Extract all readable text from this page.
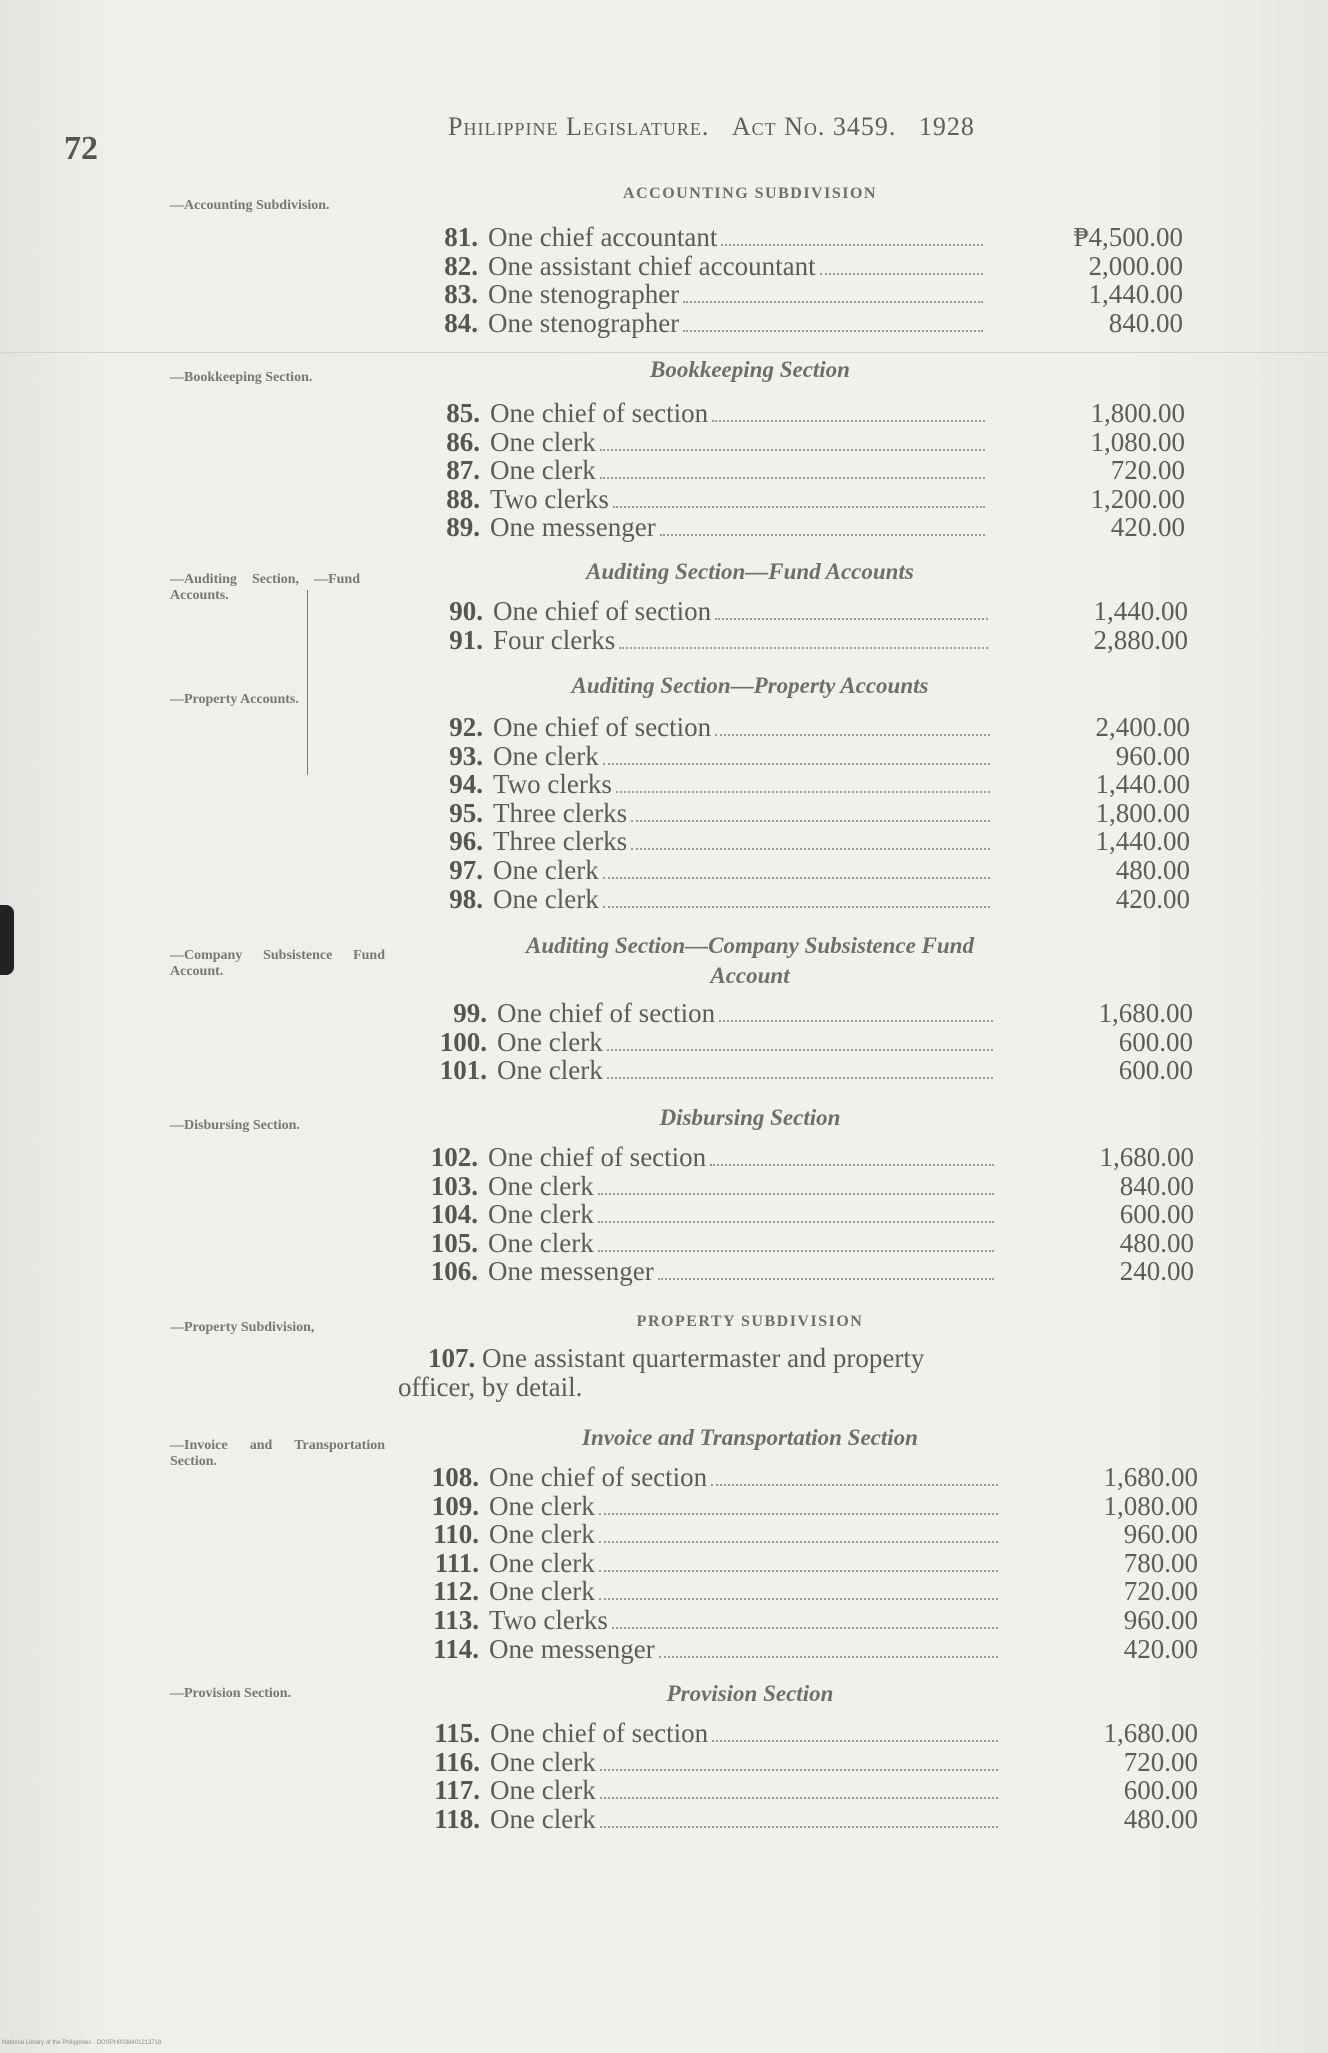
72
Philippine Legislature. Act No. 3459. 1928
—Accounting Subdivision.
—Bookkeeping Section.
—Auditing Section, —Fund Accounts.
—Property Accounts.
—Company Subsistence Fund Account.
—Disbursing Section.
—Property Subdivision,
—Invoice and Transportation Section.
—Provision Section.
ACCOUNTING SUBDIVISION
Bookkeeping Section
Auditing Section—Fund Accounts
Auditing Section—Property Accounts
Auditing Section—Company Subsistence Fund
Account
Disbursing Section
PROPERTY SUBDIVISION
Invoice and Transportation Section
Provision Section
107. One assistant quartermaster and property officer, by detail.
81. One chief accountant	₱4,500.00
82. One assistant chief accountant	2,000.00
83. One stenographer	1,440.00
84. One stenographer	840.00
85. One chief of section	1,800.00
86. One clerk	1,080.00
87. One clerk	720.00
88. Two clerks	1,200.00
89. One messenger	420.00
90. One chief of section	1,440.00
91. Four clerks	2,880.00
92. One chief of section	2,400.00
93. One clerk	960.00
94. Two clerks	1,440.00
95. Three clerks	1,800.00
96. Three clerks	1,440.00
97. One clerk	480.00
98. One clerk	420.00
99. One chief of section	1,680.00
100. One clerk	600.00
101. One clerk	600.00
102. One chief of section	1,680.00
103. One clerk	840.00
104. One clerk	600.00
105. One clerk	480.00
106. One messenger	240.00
108. One chief of section	1,680.00
109. One clerk	1,080.00
110. One clerk	960.00
111. One clerk	780.00
112. One clerk	720.00
113. Two clerks	960.00
114. One messenger	420.00
115. One chief of section	1,680.00
116. One clerk	720.00
117. One clerk	600.00
118. One clerk	480.00
National Library of the Philippines · DOSPH0038401213718
